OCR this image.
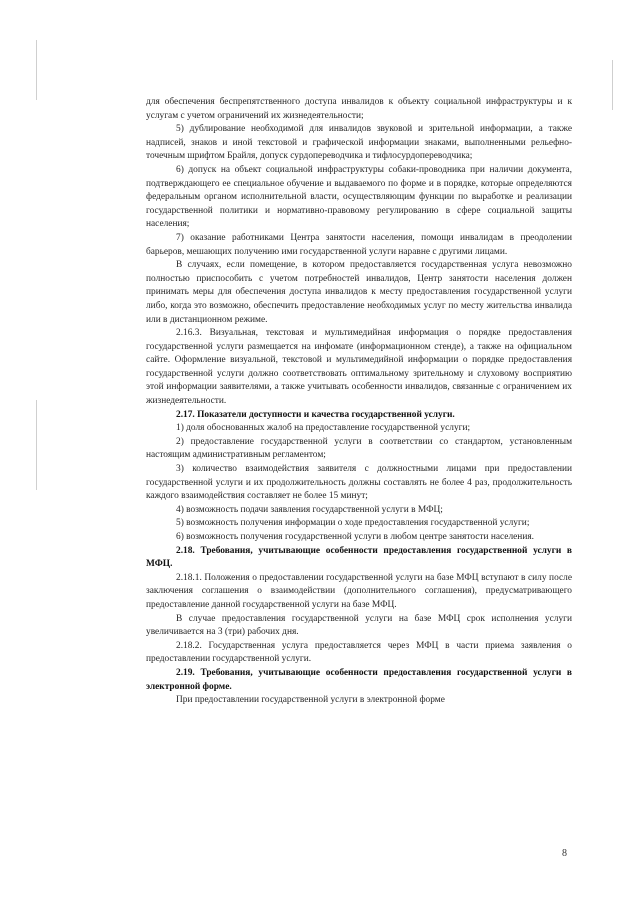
для обеспечения беспрепятственного доступа инвалидов к объекту социальной инфраструктуры и к услугам с учетом ограничений их жизнедеятельности;

5) дублирование необходимой для инвалидов звуковой и зрительной информации, а также надписей, знаков и иной текстовой и графической информации знаками, выполненными рельефно-точечным шрифтом Брайля, допуск сурдопереводчика и тифлосурдопереводчика;

6) допуск на объект социальной инфраструктуры собаки-проводника при наличии документа, подтверждающего ее специальное обучение и выдаваемого по форме и в порядке, которые определяются федеральным органом исполнительной власти, осуществляющим функции по выработке и реализации государственной политики и нормативно-правовому регулированию в сфере социальной защиты населения;

7) оказание работниками Центра занятости населения, помощи инвалидам в преодолении барьеров, мешающих получению ими государственной услуги наравне с другими лицами.

В случаях, если помещение, в котором предоставляется государственная услуга невозможно полностью приспособить с учетом потребностей инвалидов, Центр занятости населения должен принимать меры для обеспечения доступа инвалидов к месту предоставления государственной услуги либо, когда это возможно, обеспечить предоставление необходимых услуг по месту жительства инвалида или в дистанционном режиме.

2.16.3. Визуальная, текстовая и мультимедийная информация о порядке предоставления государственной услуги размещается на инфомате (информационном стенде), а также на официальном сайте. Оформление визуальной, текстовой и мультимедийной информации о порядке предоставления государственной услуги должно соответствовать оптимальному зрительному и слуховому восприятию этой информации заявителями, а также учитывать особенности инвалидов, связанные с ограничением их жизнедеятельности.

2.17. Показатели доступности и качества государственной услуги.

1) доля обоснованных жалоб на предоставление государственной услуги;

2) предоставление государственной услуги в соответствии со стандартом, установленным настоящим административным регламентом;

3) количество взаимодействия заявителя с должностными лицами при предоставлении государственной услуги и их продолжительность должны составлять не более 4 раз, продолжительность каждого взаимодействия составляет не более 15 минут;

4) возможность подачи заявления государственной услуги в МФЦ;

5) возможность получения информации о ходе предоставления государственной услуги;

6) возможность получения государственной услуги в любом центре занятости населения.

2.18. Требования, учитывающие особенности предоставления государственной услуги в МФЦ.

2.18.1. Положения о предоставлении государственной услуги на базе МФЦ вступают в силу после заключения соглашения о взаимодействии (дополнительного соглашения), предусматривающего предоставление данной государственной услуги на базе МФЦ.

В случае предоставления государственной услуги на базе МФЦ срок исполнения услуги увеличивается на 3 (три) рабочих дня.

2.18.2. Государственная услуга предоставляется через МФЦ в части приема заявления о предоставлении государственной услуги.

2.19. Требования, учитывающие особенности предоставления государственной услуги в электронной форме.

При предоставлении государственной услуги в электронной форме

8
